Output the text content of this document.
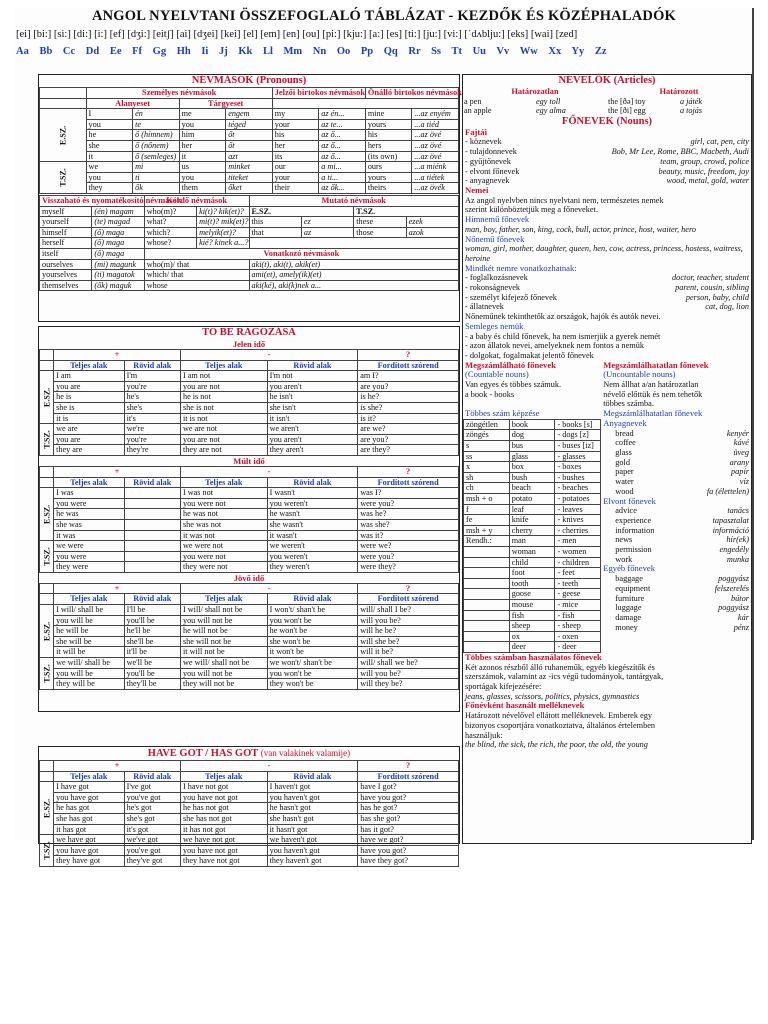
ANGOL NYELVTANI ÖSSZEFOGLALÓ TÁBLÁZAT - KEZDŐK ÉS KÖZÉPHALADÓK
[ei] [bi:] [si:] [di:] [i:] [ef] [dʒi:] [eitʃ] [ai] [dʒei] [kei] [el] [em] [en] [ou] [pi:] [kju:] [a:] [es] [ti:] [ju:] [vi:] [ˈdʌblju:] [eks] [wai] [zed]
Aa Bb Cc Dd Ee Ff Gg Hh Ii Jj Kk Ll Mm Nn Oo Pp Qq Rr Ss Tt Uu Vv Ww Xx Yy Zz
NÉVMÁSOK (Pronouns)
	Személyes névmások				Jelzői birtokos névmások		Önálló birtokos névmások	
	Alanyeset		Tárgyeset					
E.SZ.	I	én	me	engem	my	az én...	mine	...az enyém
	you	te	you	téged	your	az te...	yours	...a tiéd
	he	ő (hímnem)	him	őt	his	az ő...	his	...az övé
	she	ő (nőnem)	her	őt	her	az ő...	hers	...az övé
	it	ő (semleges)	it	azt	its	az ő...	(its own)	...az övé
T.SZ.	we	mi	us	minket	our	a mi...	ours	...a miénk
	you	ti	you	titeket	your	a ti...	yours	...a tiétek
	they	ők	them	őket	their	az ők...	theirs	...az övék
Visszaható és nyomatékosító névmások		Kérdő névmások		Mutató névmások			
myself	(én) magam	who(m)?	ki(t)? kik(et)?	E.SZ.		T.SZ.	
yourself	(te) magad	what?	mi(t)? mik(et)?	this	ez	these	ezek
himself	(ő) maga	which?	melyik(et)?	that	az	those	azok
herself	(ő) maga	whose?	kié? kinek a...?				
itself	(ő) maga	Vonatkozó névmások					
ourselves	(mi) magunk	who(m)/ that		aki(t), aki(t), akik(et)			
yourselves	(ti) magatok	which/ that		ami(et), amely(ik)(et)			
themselves	(ők) maguk	whose		aki(ké), aki(k)nek a...			
TO BE RAGOZÁSA
Jelen idő
	+		-		?
	Teljes alak	Rövid alak	Teljes alak	Rövid alak	Fordított szórend
E.SZ.	I am	I'm	I am not	I'm not	am I?
	you are	you're	you are not	you aren't	are you?
	he is	he's	he is not	he isn't	is he?
	she is	she's	she is not	she isn't	is she?
	it is	it's	it is not	it isn't	is it?
T.SZ.	we are	we're	we are not	we aren't	are we?
	you are	you're	you are not	you aren't	are you?
	they are	they're	they are not	they aren't	are they?
Múlt idő
	+		-		?
	Teljes alak	Rövid alak	Teljes alak	Rövid alak	Fordított szórend
E.SZ.	I was		I was not	I wasn't	was I?
	you were		you were not	you weren't	were you?
	he was		he was not	he wasn't	was he?
	she was		she was not	she wasn't	was she?
	it was		it was not	it wasn't	was it?
T.SZ.	we were		we were not	we weren't	were we?
	you were		you were not	you weren't	were you?
	they were		they were not	they weren't	were they?
Jövő idő
	+		-		?
	Teljes alak	Rövid alak	Teljes alak	Rövid alak	Fordított szórend
E.SZ.	I will/ shall be	I'll be	I will/ shall not be	I won't/ shan't be	will/ shall I be?
	you will be	you'll be	you will not be	you won't be	will you be?
	he will be	he'll be	he will not be	he won't be	will he be?
	she will be	she'll be	she will not be	she won't be	will she be?
	it will be	it'll be	it will not be	it won't be	will it be?
T.SZ.	we will/ shall be	we'll be	we will/ shall not be	we won't/ shan't be	will/ shall we be?
	you will be	you'll be	you will not be	you won't be	will you be?
	they will be	they'll be	they will not be	they won't be	will they be?
HAVE GOT / HAS GOT (van valakinek valamije)
	+		-		?
	Teljes alak	Rövid alak	Teljes alak	Rövid alak	Fordított szórend
E.SZ.	I have got	I've got	I have not got	I haven't got	have I got?
	you have got	you've got	you have not got	you haven't got	have you got?
	he has got	he's got	he has not got	he hasn't got	has he got?
	she has got	she's got	she has not got	she hasn't got	has she got?
	it has got	it's got	it has not got	it hasn't got	has it got?
T.SZ.	we have got	we've got	we have not got	we haven't got	have we got?
	you have got	you've got	you have not got	you haven't got	have you got?
	they have got	they've got	they have not got	they haven't got	have they got?
NÉVELŐK (Articles)
Határozatlan		Határozott	
a pen	egy toll	the [ðə] toy	a játék
an apple	egy alma	the [ði] egg	a tojás
FŐNEVEK (Nouns)
Fajtái
- köznevek	girl, cat, pen, city
- tulajdonnevek	Bob, Mr Lee, Rome, BBC, Macbeth, Audi
- gyűjtőnevek	team, group, crowd, police
- elvont főnevek	beauty, music, freedom, joy
- anyagnevek	wood, metal, gold, water
Nemei
Az angol nyelvben nincs nyelvtani nem, természetes nemek
szerint különböztetjük meg a főneveket.
Hímnemű főnevek
man, boy, father, son, king, cock, bull, actor, prince, host, waiter, hero
Nőnemű főnevek
woman, girl, mother, daughter, queen, hen, cow, actress, princess, hostess, waitress, heroine
Mindkét nemre vonatkozhatnak:
- foglalkozásnevek	doctor, teacher, student
- rokonságnevek	parent, cousin, sibling
- személyt kifejező főnevek	person, baby, child
- állatnevek	cat, dog, lion
Nőneműnek tekinthetők az országok, hajók és autók nevei.
Semleges nemük
- a baby és child főnevek, ha nem ismerjük a gyerek nemét
- azon állatok nevei, amelyeknek nem fontos a nemük
- dolgokat, fogalmakat jelentő főnevek
Megszámlálható főnevek
(Countable nouns)
Van egyes és többes számuk.
a book - books
Megszámlálhatatlan főnevek
(Uncountable nouns)
Nem állhat a/an határozatlan
névelő előttük és nem tehetők
többes számba.
Többes szám képzése
zöngétlen	book	- books [s]
zöngés	dog	- dogs [z]
s	bus	- buses [iz]
ss	glass	- glasses
x	box	- boxes
sh	bush	- bushes
ch	beach	- beaches
msh + o	potato	- potatoes
f	leaf	- leaves
fe	knife	- knives
msh + y	cherry	- cherries
Rendh.:	man	- men
	woman	- women
	child	- children
	foot	- feet
	tooth	- teeth
	goose	- geese
	mouse	- mice
	fish	- fish
	sheep	- sheep
	ox	- oxen
	deer	- deer
Megszámlálhatatlan főnevek
Anyagnevek
bread	kenyér
coffee	kávé
glass	üveg
gold	arany
paper	papír
water	víz
wood	fa (élettelen)
Elvont főnevek
advice	tanács
experience	tapasztalat
information	információ
news	hír(ek)
permission	engedély
work	munka
Egyéb főnevek
baggage	poggyász
equipment	felszerelés
furniture	bútor
luggage	poggyász
damage	kár
money	pénz
Többes számban használatos főnevek
Két azonos részből álló ruhaneműk, egyéb kiegészítők és
szerszámok, valamint az -ics végű tudományok, tantárgyak,
sportágak kifejezésére:
jeans, glasses, scissors, politics, physics, gymnastics
Főnévként használt melléknevek
Határozott névelővel ellátott melléknevek. Emberek egy
bizonyos csoportjára vonatkoztatva, általános értelemben
használjuk:
the blind, the sick, the rich, the poor, the old, the young
